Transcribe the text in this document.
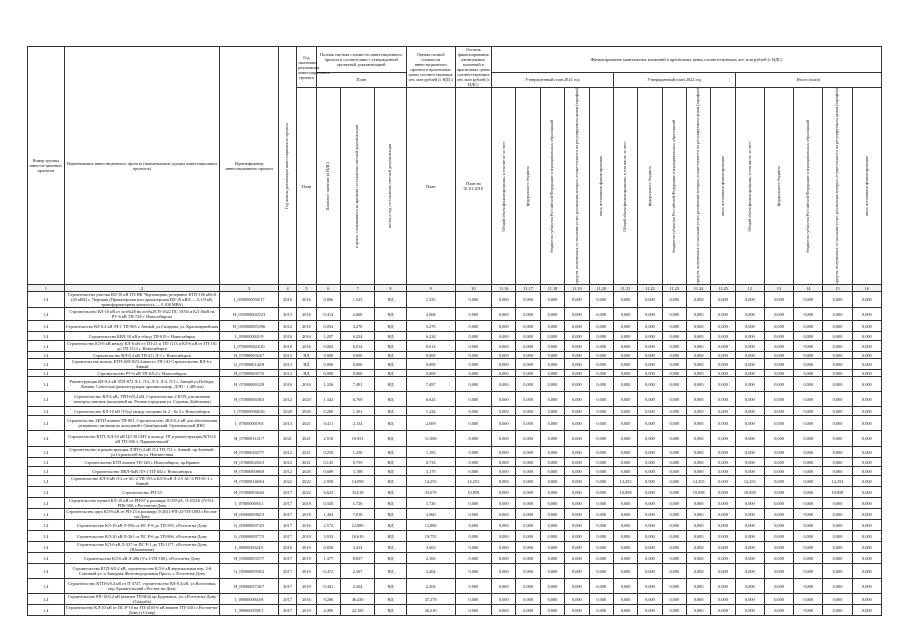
Номер группы инвести-ционных проектов	Наименование инвестиционного проекта (наименование группы инвестиционных проектов)	Идентификатор инвестиционного проекта	Год начала реализации инвестиционного проекта	Год окончания реализации инвестиционного проекта	Полная сметная стоимость инвестиционного проекта в соответствии с утвержденной проектной документацией			Оценка полной стоимости инвестиционного проекта в прогнозных ценах соответствующих лет, млн рублей (с НДС)	Остаток финансирования капитальных вложений в прогнозных ценах соответствующих лет, млн рублей (с НДС)	Финансирование капитальных вложений в прогнозных ценах соответствующих лет, млн рублей (с НДС)														
					План					Утвержденный план 2021 год					Утвержденный план 2022 год					Итого (план)				
				План	Плановое значение (в ИДС)	в ценах, сложившихся ко времени составления сметной документации	месяц и год составления сметной документации	План	План на 01.01.2018	Общий объем финансирования, в том числе за счет:	федерального бюджета	бюджетов субъектов Российской Федерации и муниципальных образований	средств, полученных от оказания услуг, реализация которых осуществляется по регулируемым ценам (тарифам)	иных источников финансирования	Общий объем финансирования, в том числе за счет:	федерального бюджета	бюджетов субъектов Российской Федерации и муниципальных образований	средств, полученных от оказания услуг, реализация которых осуществляется по регулируемым ценам (тарифам)	иных источников финансирования	Общий объем финансирования, в том числе за счет:	федерального бюджета	бюджетов субъектов Российской Федерации и муниципальных образований	средств, полученных от оказания услуг, реализация которых осуществляется по регулируемым ценам (тарифам)	иных источников финансирования

1	2	3	4	5	6	7	8	9	10	11.16	11.17	11.18	11.19	11.20	11.21	11.22	11.23	11.24	11.25	12	13	14	15	16
1.4	Строительство участка ВЛ-10 кВ ТП-НК 'Чертовщина, резервное КТП-100 кВт/6 (40 кВА) с. Чертовщ (Прокатерская или прокатерская ВЛ-10 кВ/6 — 0,1/0 кВ, трансформаторная мощность — 0,100 МВА)	I_0500000058/17	2016	2016	0,006	1,525	НД	1,525	0,000	0,000	0,000	0,000	0,000	0,000	0,000	0,000	0,000	0,000	0,000	0,000	0,000	0,000	0,000	0,000
1.4	Строительство ВЛ-10 кВ от лот№28 на лот№28 П-1622 ПС 10/04 и КЛ 10кВ на РУ-6 кВ ТП-728 г. Новосибирска	H_0500000045/23	2013	2016	0,414	2,668	НД	2,668	0,000	0,000	0,000	0,000	0,000	0,000	0,000	0,000	0,000	0,000	0,000	0,000	0,000	0,000	0,000	0,000
1.4	Строительство ВЛ-0,4 кВ ЗЧ-1 ТП-903 г. Анный, ул.Гагарина, ул. Красноармейская	H_0500000053/96	2012	2016	0,054	3,270	НД	3,270	0,000	0,000	0,000	0,000	0,000	0,000	0,000	0,000	0,000	0,000	0,000	0,000	0,000	0,000	0,000	0,000
1.4	Строительство КВЛ-10 кВ в обход ТП-619 г. Новосибирск	I_0500000041/9	2016	2016	1,207	6,234	НД	6,234	0,000	0,000	0,000	0,000	0,000	0,000	0,000	0,000	0,000	0,000	0,000	0,000	0,000	0,000	0,000	0,000
1.4	Строительство КЛ-6 кВ между КЛ-6 кВ от ТП-21 и ТП-1113 и КЛ-6 кВ от ТП-161 до ТП-1113 г. Новосибирск	I_0700000824/20	2016	2016	0,002	0,014	НД	0,014	0,000	0,000	0,000	0,000	0,000	0,000	0,000	0,000	0,000	0,000	0,000	0,000	0,000	0,000	0,000	0,000
1.4	Строительство ВЛ-0,4 кВ ТП-411 Л-1 г. Новосибирск	H_0700000024/7	2012	НД	0,000	0,000	НД	0,000	0,000	0,000	0,000	0,000	0,000	0,000	0,000	0,000	0,000	0,000	0,000	0,000	0,000	0,000	0,000	0,000
1.4	Строительство нового КТП-400/10/0,4 вместо ТП-141 Строительство ВЛ-6 г. Анный	G_0700000142/8	2013	НД	0,000	0,000	НД	0,000	0,000	0,000	0,000	0,000	0,000	0,000	0,000	0,000	0,000	0,000	0,000	0,000	0,000	0,000	0,000	0,000
1.4	Строительство РУ-6 кВ ТП-6/0,4 г. Новосибирск	H_0700000057/0	2012	НД	0,000	0,000	НД	0,000	0,000	0,000	0,000	0,000	0,000	0,000	0,000	0,000	0,000	0,000	0,000	0,000	0,000	0,000	0,000	0,000
1.4	Реконструкция ВЛ-0,4 кВ ЗТП-872 Л-1, Л-2, Л-3, Л-4, Л-5 г. Анный ул.Победы, Ленина, Советская (реконструкция противопожар. ДЭП - 1,485 км)	H_0700000652/8	2016	2016	1,336	7,491	НД	7,497	0,000	0,000	0,000	0,000	0,000	0,000	0,000	0,000	0,000	0,000	0,000	0,000	0,000	0,000	0,000	0,000
1.4	Строительство ВЛ-6 кВ, ТРП-6/0,4 кВ. Строительство 2 КТП для питания электроустановок (кольцевой кв. Речная городская ул. Садовая, Кабельная)	H_0700000658/3	2012	2020	1,342	6,769	НД	6,623	0,000	0,000	0,000	0,000	0,000	0,000	0,000	0,000	0,000	0,000	0,000	0,000	0,000	0,000	0,000	0,000
1.4	Строительство КЛ-10 кВ Л-9д2 между опорами № 2 - № 3 г. Новосибирск	I_0700000560/26	2020	2020	0,260	1,301	НД	1,324	0,000	0,000	0,000	0,000	0,000	0,000	0,000	0,000	0,000	0,000	0,000	0,000	0,000	0,000	0,000	0,000
1.4	Строительство 2КТП взамен ТП-801. Строительство 2КЛ-0,4 кВ для обеспечения резервного питания по кольцевой г.Октябрьский. Органической ИНС	I_0700000019/0	2013	2021	0,411	2,134	НД	2,009	0,000	0,000	0,000	0,000	0,000	0,000	0,000	0,000	0,000	0,000	0,000	0,000	0,000	0,000	0,000	0,000
1.4	Строительство КТП, КЛ-10 кВ ЦЭ 39 СНТ и кольцу ТП и реконструкция ВЛ-0,4 кВ ТП-306 'г. Парковалексий'	H_0700001141/7	2021	2021	2,510	10,951	НД	11,006	0,000	0,000	0,000	0,000	0,000	0,000	0,000	0,000	0,000	0,000	0,000	0,000	0,000	0,000	0,000	0,000
1.4	Строительство и реконструкция ЛЭП-0,4 кВ Л-2 ТП-711 г. Анный, пр.Зелёный, ул.Строителей на ул. Неизвестная	H_0700002857/7	2012	2021	0,250	1,250	НД	1,183	0,000	0,000	0,000	0,000	0,000	0,000	0,000	0,000	0,000	0,000	0,000	0,000	0,000	0,000	0,000	0,000
1.4	Строительство КТП взамен ТП-148 г. Новосибирск, пр.Кривое	H_0700000265/3	2012	2021	0,145	0,759	НД	0,733	0,000	0,000	0,000	0,000	0,000	0,000	0,000	0,000	0,000	0,000	0,000	0,000	0,000	0,000	0,000	0,000
1.4	Строительство ПКЛ-6кВ ЛЭ-1 ТП-402 г. Новосибирск	H_0700000086/8	2012	2020	0,609	3,198	НД	3,170	0,000	0,000	0,000	0,000	0,000	0,000	0,000	0,000	0,000	0,000	0,000	0,000	0,000	0,000	0,000	0,000
1.4	Строительство КЛ-6 кВ Л-2 от АС-2 ТП-193 и КЛ-6 кВ Л-2 б АС-3 РП-81-1 г. Анный	H_0700001469/4	2022	2022	2,958	14,090	НД	14,253	14,253	0,000	0,000	0,000	0,000	0,000	14,253	0,000	0,000	14,253	0,000	14,253	0,000	0,000	14,253	0,000
1.4	Строительство РП-33	H_0700000364/6	2017	2022	6,623	33,618	НД	33,679	10,858	0,000	0,000	0,000	0,000	0,000	10,858	0,000	0,000	10,858	0,000	10,858	0,000	0,000	10,858	0,000
1.4	Строительство пункта КЛ-10 кВ от РП-67 к расширу Л-3554А, Л-3551Б (Л-551-РПб-300, г.Ростов-на-Дону	I_0700000693/1	2017	2018	0,345	1,726	НД	1,726	0,000	0,000	0,000	0,000	0,000	0,000	0,000	0,000	0,000	0,000	0,000	0,000	0,000	0,000	0,000	0,000
1.4	Строительство двух КЛ-6 кВ от РП-23 в расширу Л-2611-РП-23-ТП-1883 г.Ростов-на-Дону	H_0900000982/3	2017	2018	1,404	7,018	НД	3,960	0,000	0,000	0,000	0,000	0,000	0,000	0,000	0,000	0,000	0,000	0,000	0,000	0,000	0,000	0,000	0,000
1.4	Строительство КЛ-10 кВ Л-956 от ПС Р-8 до ТП-595, г.Ростов-на-Дону	G_0900000974/5	2017	2016	2,572	12,880	НД	12,880	0,000	0,000	0,000	0,000	0,000	0,000	0,000	0,000	0,000	0,000	0,000	0,000	0,000	0,000	0,000	0,000
1.4	Строительство КЛ-10 кВ Л-361 от ПС Р-6 до ТП-866, г.Ростов-на-Дону	G_0900000977/5	2017	2018	3,933	16,610	НД	19,755	0,000	0,000	0,000	0,000	0,000	0,000	0,000	0,000	0,000	0,000	0,000	0,000	0,000	0,000	0,000	0,000
1.4	Строительство КЛ-6 кВ Л-337 от ПС Р-1 до ТП-1177, г.Ростов-на-Дону (Шахматная)	I_0900000324/5	2016	2019	0,830	3,414	НД	3,603	0,000	0,000	0,000	0,000	0,000	0,000	0,000	0,000	0,000	0,000	0,000	0,000	0,000	0,000	0,000	0,000
1.4	Строительство КЛ-6 кВ Л-206 (Уч.1-ТП-186), г.Ростов-на-Дону	H_0900000357/7	2017	2019	1,377	8,837	НД	2,106	0,000	0,000	0,000	0,000	0,000	0,000	0,000	0,000	0,000	0,000	0,000	0,000	0,000	0,000	0,000	0,000
1.4	Строительство КТП-6/0,4 кВ, строительство КЛ-6 кВ вертикальная пер. 2-й Союзный ул. и Западная Железнодорожная Просп. г. Ростов-на-Дону	G_0900000930/2	2017	2019	0,472	2,367	НД	2,404	0,000	0,000	0,000	0,000	0,000	0,000	0,000	0,000	0,000	0,000	0,000	0,000	0,000	0,000	0,000	0,000
1.4	Строительство КТП-6/0,4 кВ от П-3747, строительство ВЛ-0,4 кВ. ул.Восточная, пер.Архангельский г.Ростов-на-Дону	H_0900003726/7	2017	2019	0,441	2,204	НД	2,204	0,000	0,000	0,000	0,000	0,000	0,000	0,000	0,000	0,000	0,000	0,000	0,000	0,000	0,000	0,000	0,000
1.4	Строительство РП-10/0,4 кВ (взамен ТП-964) пр.Буденовск, ул. г.Ростов-на-Дону (Свадьба)	I_0900000943/8	2017	2016	9,286	46,430	НД	47,278	0,000	0,000	0,000	0,000	0,000	0,000	0,000	0,000	0,000	0,000	0,000	0,000	0,000	0,000	0,000	0,000
1.4	Строительство КЛ-10 кВ от ПС Р-10 на ТП-4103-6 кВ взамен ТП-3301 г.Ростов-на-Дону (г.Ставр)	I_0900000558/1	2017	2019	4,499	22,185	НД	26,010	0,000	0,000	0,000	0,000	0,000	0,000	0,000	0,000	0,000	0,000	0,000	0,000	0,000	0,000	0,000	0,000
